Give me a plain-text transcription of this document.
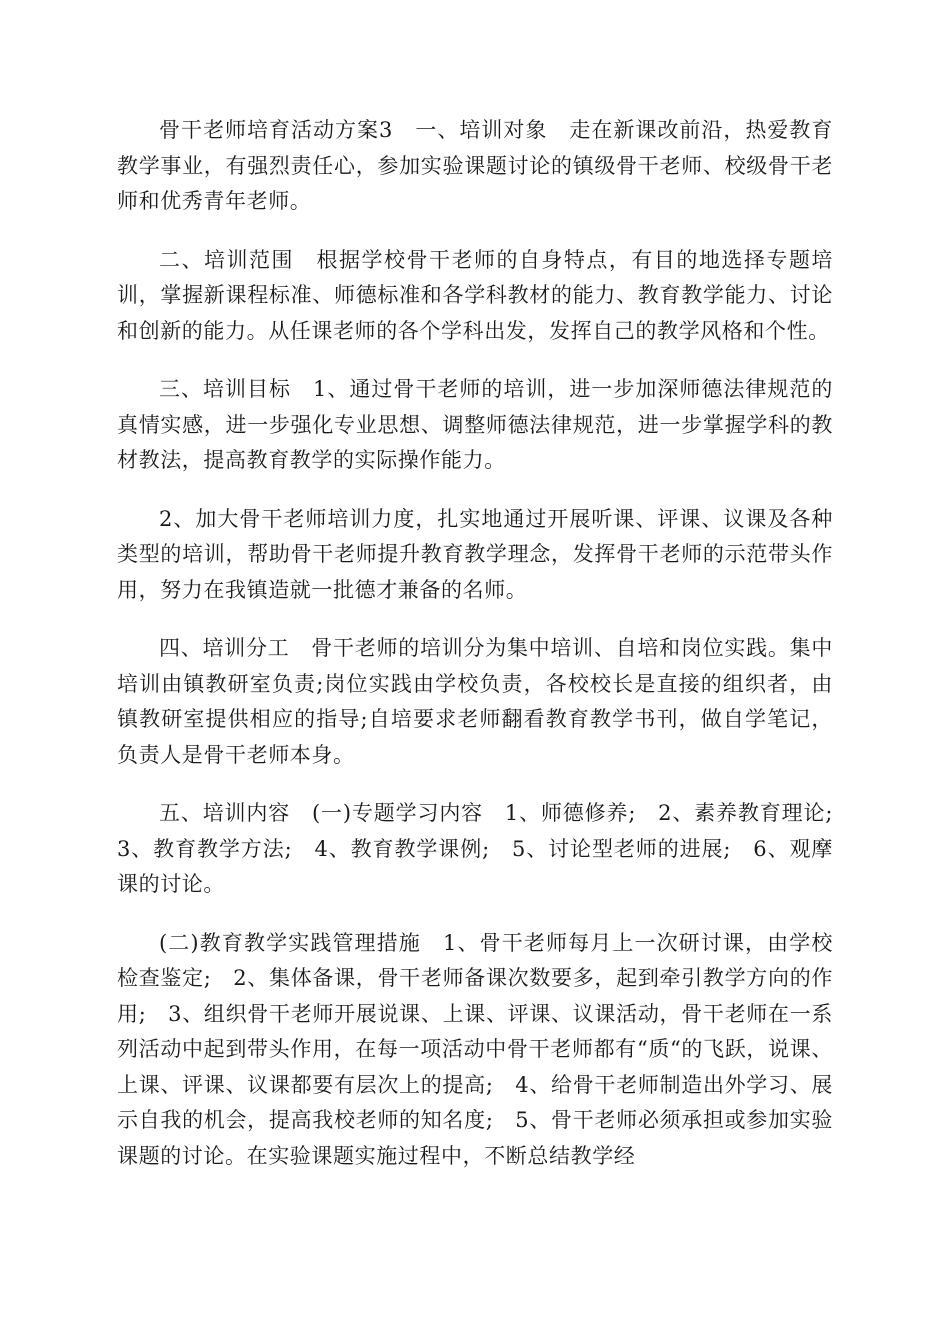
骨干老师培育活动方案3　一、培训对象　走在新课改前沿，热爱教育教学事业，有强烈责任心，参加实验课题讨论的镇级骨干老师、校级骨干老师和优秀青年老师。

二、培训范围　根据学校骨干老师的自身特点，有目的地选择专题培训，掌握新课程标准、师德标准和各学科教材的能力、教育教学能力、讨论和创新的能力。从任课老师的各个学科出发，发挥自己的教学风格和个性。

三、培训目标　1、通过骨干老师的培训，进一步加深师德法律规范的真情实感，进一步强化专业思想、调整师德法律规范，进一步掌握学科的教材教法，提高教育教学的实际操作能力。

2、加大骨干老师培训力度，扎实地通过开展听课、评课、议课及各种类型的培训，帮助骨干老师提升教育教学理念，发挥骨干老师的示范带头作用，努力在我镇造就一批德才兼备的名师。

四、培训分工　骨干老师的培训分为集中培训、自培和岗位实践。集中培训由镇教研室负责;岗位实践由学校负责，各校校长是直接的组织者，由镇教研室提供相应的指导;自培要求老师翻看教育教学书刊，做自学笔记，负责人是骨干老师本身。

五、培训内容　(一)专题学习内容　1、师德修养;　2、素养教育理论;　3、教育教学方法;　4、教育教学课例;　5、讨论型老师的进展;　6、观摩课的讨论。

(二)教育教学实践管理措施　1、骨干老师每月上一次研讨课，由学校检查鉴定;　2、集体备课，骨干老师备课次数要多，起到牵引教学方向的作用;　3、组织骨干老师开展说课、上课、评课、议课活动，骨干老师在一系列活动中起到带头作用，在每一项活动中骨干老师都有“质“的飞跃，说课、上课、评课、议课都要有层次上的提高;　4、给骨干老师制造出外学习、展示自我的机会，提高我校老师的知名度;　5、骨干老师必须承担或参加实验课题的讨论。在实验课题实施过程中，不断总结教学经
